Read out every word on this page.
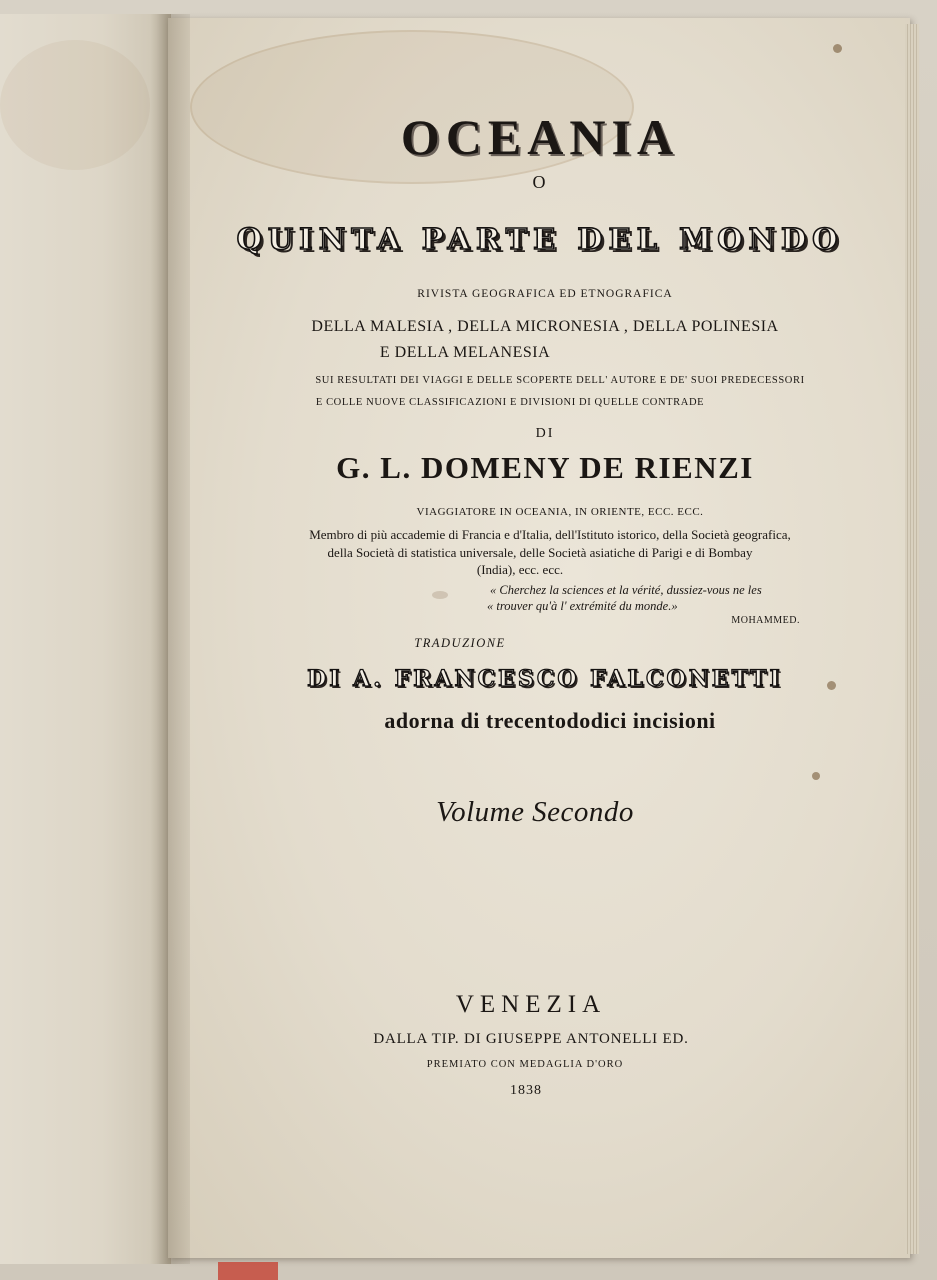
OCEANIA
O
QUINTA PARTE DEL MONDO
RIVISTA GEOGRAFICA ED ETNOGRAFICA
DELLA MALESIA , DELLA MICRONESIA , DELLA POLINESIA
E DELLA MELANESIA
SUI RESULTATI DEI VIAGGI E DELLE SCOPERTE DELL' AUTORE E DE' SUOI PREDECESSORI
E COLLE NUOVE CLASSIFICAZIONI E DIVISIONI DI QUELLE CONTRADE
DI
G. L. DOMENY DE RIENZI
VIAGGIATORE IN OCEANIA, IN ORIENTE, ECC. ECC.
Membro di più accademie di Francia e d'Italia, dell'Istituto istorico, della Società geografica,
della Società di statistica universale, delle Società asiatiche di Parigi e di Bombay
(India), ecc. ecc.
« Cherchez la sciences et la vérité, dussiez-vous ne les
« trouver qu'à l' extrémité du monde.»
MOHAMMED.
TRADUZIONE
DI A. FRANCESCO FALCONETTI
adorna di trecentododici incisioni
Volume Secondo
VENEZIA
DALLA TIP. DI GIUSEPPE ANTONELLI ED.
PREMIATO CON MEDAGLIA D'ORO
1838
